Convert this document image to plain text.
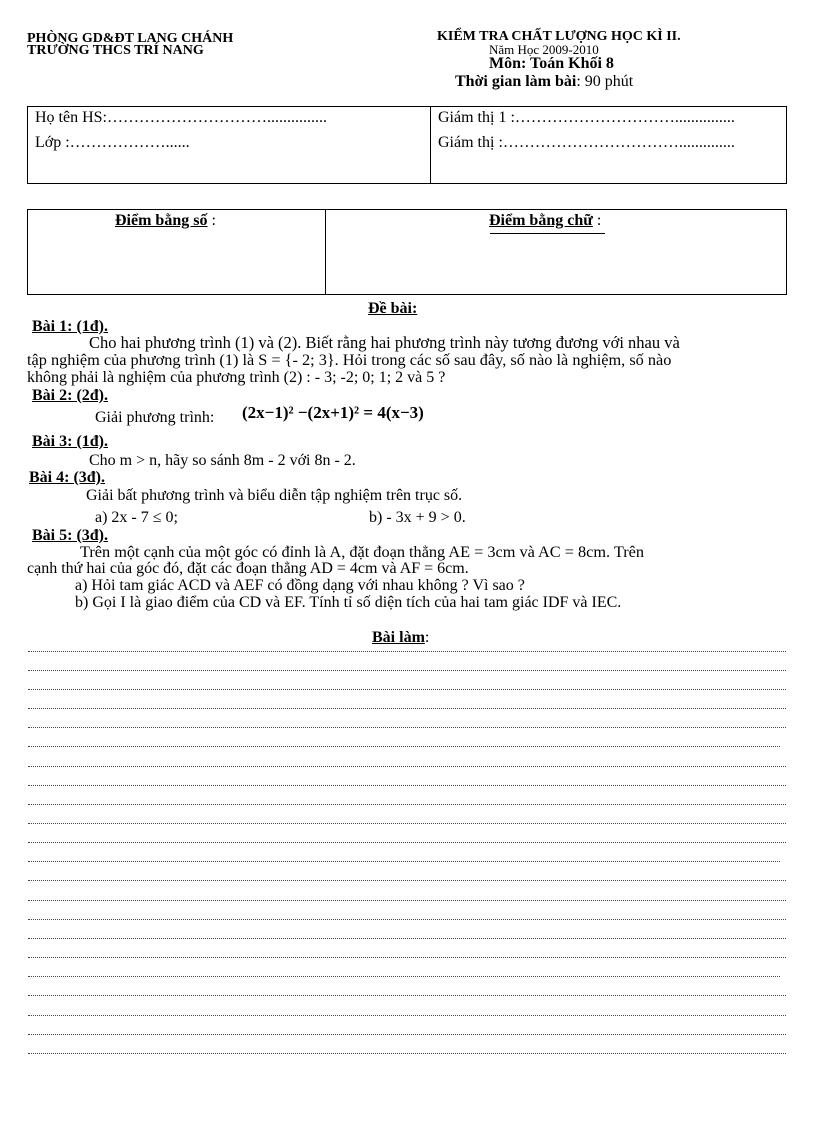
PHÒNG GD&ĐT LANG CHÁNH
TRƯỜNG THCS TRÍ NANG
KIỂM TRA CHẤT LƯỢNG HỌC KÌ II.
Năm Học 2009-2010
Môn: Toán Khối 8
Thời gian làm bài: 90 phút
Họ tên HS:…………………………...............
Lớp :………………......
Giám thị 1 :…………………………...............
Giám thị :……………………………..............
Điểm bằng số :	Điểm bằng chữ :
Đề bài:
Bài 1: (1đ).
Cho hai phương trình (1) và (2). Biết rằng hai phương trình này tương đương với nhau và
tập nghiệm của phương trình (1) là S = {- 2; 3}. Hỏi trong các số sau đây, số nào là nghiệm, số nào
không phải là nghiệm của phương trình (2) : - 3; -2; 0; 1; 2 và 5 ?
Bài 2: (2đ).
Giải phương trình: (2x−1)² −(2x+1)² = 4(x−3)
Bài 3: (1đ).
Cho m > n, hãy so sánh 8m - 2 với 8n - 2.
Bài 4: (3đ).
Giải bất phương trình và biểu diễn tập nghiệm trên trục số.
a) 2x - 7 ≤ 0;	b) - 3x + 9 > 0.
Bài 5: (3đ).
Trên một cạnh của một góc có đỉnh là A, đặt đoạn thẳng AE = 3cm và AC = 8cm. Trên
cạnh thứ hai của góc đó, đặt các đoạn thẳng AD = 4cm và AF = 6cm.
a) Hỏi tam giác ACD và AEF có đồng dạng với nhau không ? Vì sao ?
b) Gọi I là giao điểm của CD và EF. Tính tỉ số diện tích của hai tam giác IDF và IEC.
Bài làm:
